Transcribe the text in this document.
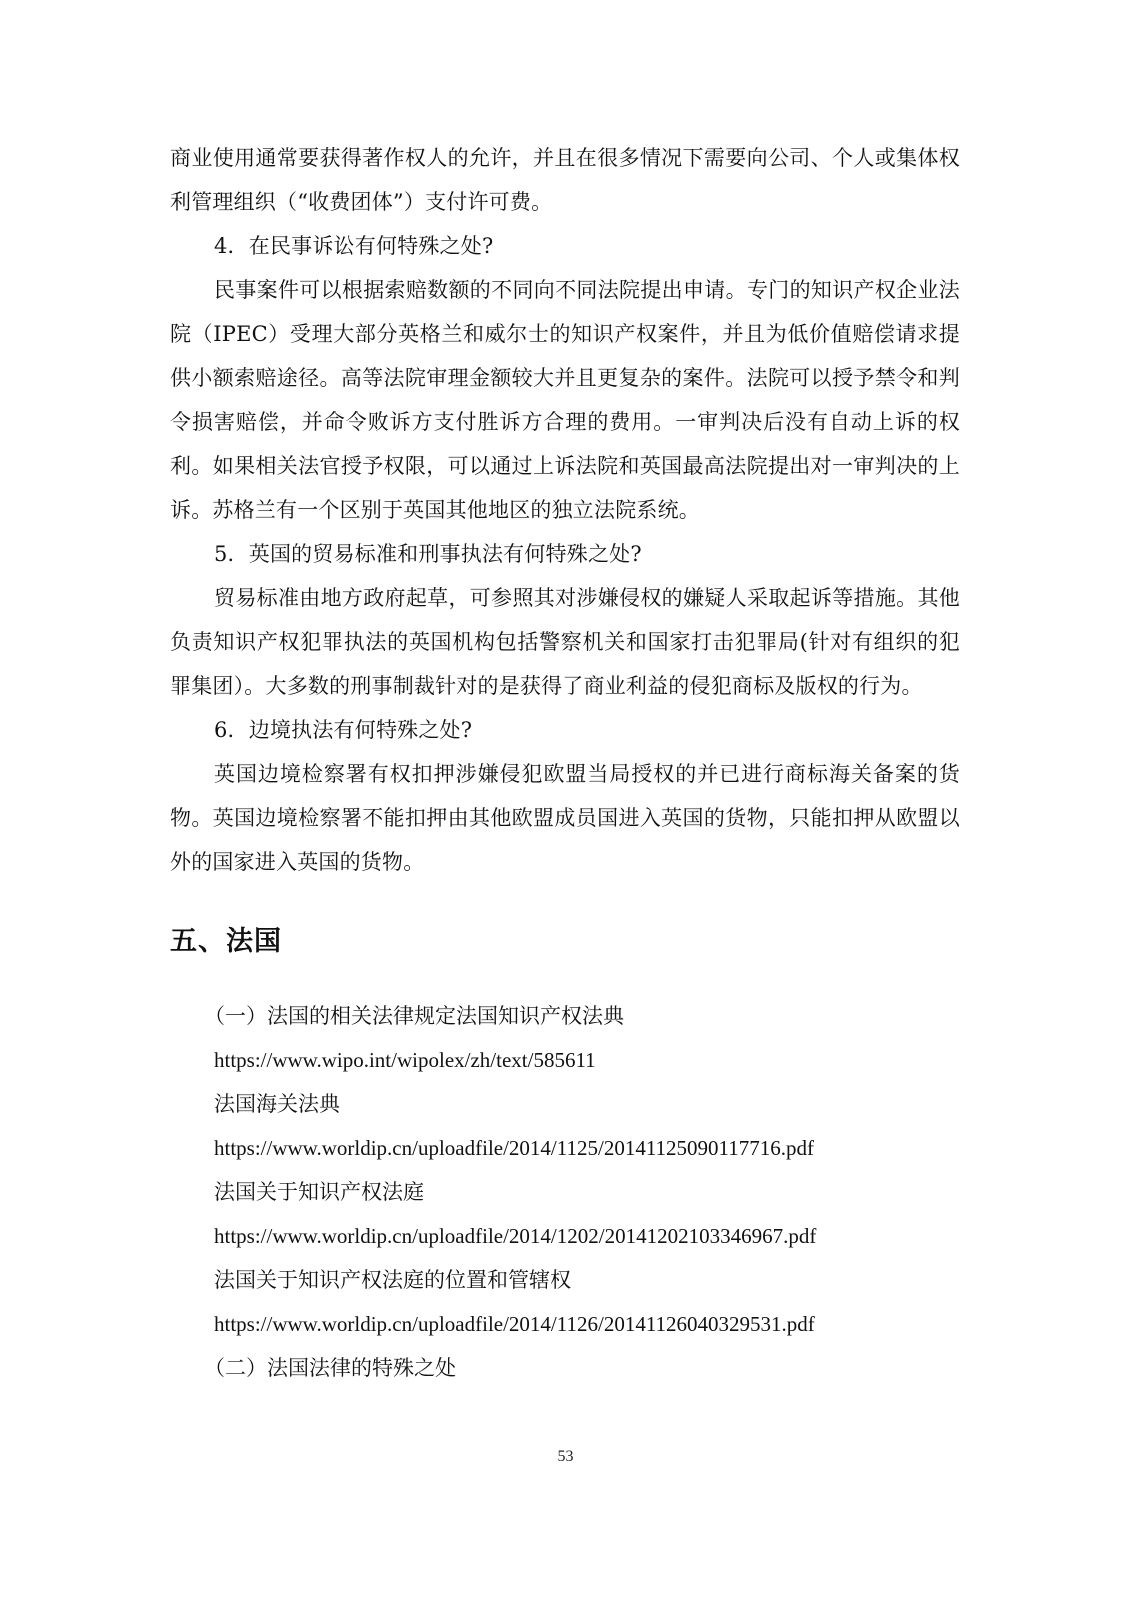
商业使用通常要获得著作权人的允许，并且在很多情况下需要向公司、个人或集体权利管理组织（“收费团体”）支付许可费。

4．在民事诉讼有何特殊之处?

民事案件可以根据索赔数额的不同向不同法院提出申请。专门的知识产权企业法院（IPEC）受理大部分英格兰和威尔士的知识产权案件，并且为低价值赔偿请求提供小额索赔途径。高等法院审理金额较大并且更复杂的案件。法院可以授予禁令和判令损害赔偿，并命令败诉方支付胜诉方合理的费用。一审判决后没有自动上诉的权利。如果相关法官授予权限，可以通过上诉法院和英国最高法院提出对一审判决的上诉。苏格兰有一个区别于英国其他地区的独立法院系统。

5．英国的贸易标准和刑事执法有何特殊之处?

贸易标准由地方政府起草，可参照其对涉嫌侵权的嫌疑人采取起诉等措施。其他负责知识产权犯罪执法的英国机构包括警察机关和国家打击犯罪局(针对有组织的犯罪集团）。大多数的刑事制裁针对的是获得了商业利益的侵犯商标及版权的行为。

6．边境执法有何特殊之处?

英国边境检察署有权扣押涉嫌侵犯欧盟当局授权的并已进行商标海关备案的货物。英国边境检察署不能扣押由其他欧盟成员国进入英国的货物，只能扣押从欧盟以外的国家进入英国的货物。

五、法国

（一）法国的相关法律规定法国知识产权法典

https://www.wipo.int/wipolex/zh/text/585611

法国海关法典

https://www.worldip.cn/uploadfile/2014/1125/20141125090117716.pdf

法国关于知识产权法庭

https://www.worldip.cn/uploadfile/2014/1202/20141202103346967.pdf

法国关于知识产权法庭的位置和管辖权

https://www.worldip.cn/uploadfile/2014/1126/20141126040329531.pdf

（二）法国法律的特殊之处

53
